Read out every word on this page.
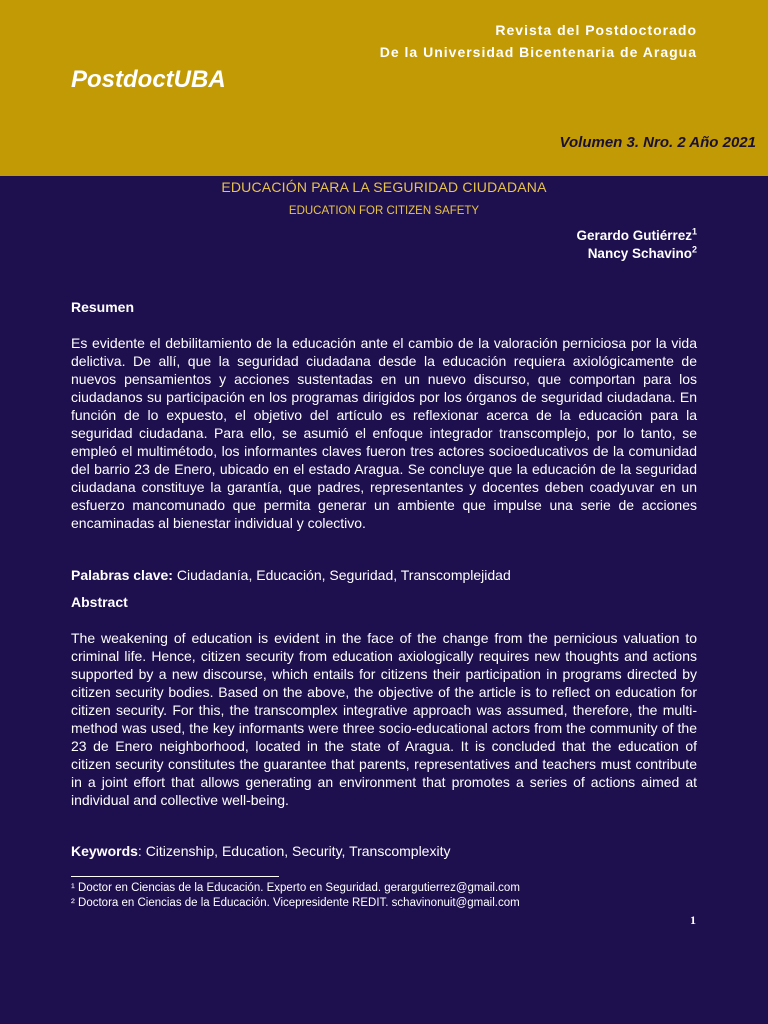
Revista del Postdoctorado
De la Universidad Bicentenaria de Aragua
PostdoctUBA
Volumen 3. Nro. 2 Año 2021
EDUCACIÓN PARA LA SEGURIDAD CIUDADANA
EDUCATION FOR CITIZEN SAFETY
Gerardo Gutiérrez$^1$
Nancy Schavino$^2$
Resumen

Es evidente el debilitamiento de la educación ante el cambio de la valoración perniciosa por la vida delictiva. De allí, que la seguridad ciudadana desde la educación requiera axiológicamente de nuevos pensamientos y acciones sustentadas en un nuevo discurso, que comportan para los ciudadanos su participación en los programas dirigidos por los órganos de seguridad ciudadana. En función de lo expuesto, el objetivo del artículo es reflexionar acerca de la educación para la seguridad ciudadana. Para ello, se asumió el enfoque integrador transcomplejo, por lo tanto, se empleó el multimétodo, los informantes claves fueron tres actores socioeducativos de la comunidad del barrio 23 de Enero, ubicado en el estado Aragua. Se concluye que la educación de la seguridad ciudadana constituye la garantía, que padres, representantes y docentes deben coadyuvar en un esfuerzo mancomunado que permita generar un ambiente que impulse una serie de acciones encaminadas al bienestar individual y colectivo.

Palabras clave: Ciudadanía, Educación, Seguridad, Transcomplejidad
Abstract

The weakening of education is evident in the face of the change from the pernicious valuation to criminal life. Hence, citizen security from education axiologically requires new thoughts and actions supported by a new discourse, which entails for citizens their participation in programs directed by citizen security bodies. Based on the above, the objective of the article is to reflect on education for citizen security. For this, the transcomplex integrative approach was assumed, therefore, the multi-method was used, the key informants were three socio-educational actors from the community of the 23 de Enero neighborhood, located in the state of Aragua. It is concluded that the education of citizen security constitutes the guarantee that parents, representatives and teachers must contribute in a joint effort that allows generating an environment that promotes a series of actions aimed at individual and collective well-being.

Keywords: Citizenship, Education, Security, Transcomplexity
¹ Doctor en Ciencias de la Educación. Experto en Seguridad. gerargutierrez@gmail.com
² Doctora en Ciencias de la Educación. Vicepresidente REDIT. schavinonuit@gmail.com
1
